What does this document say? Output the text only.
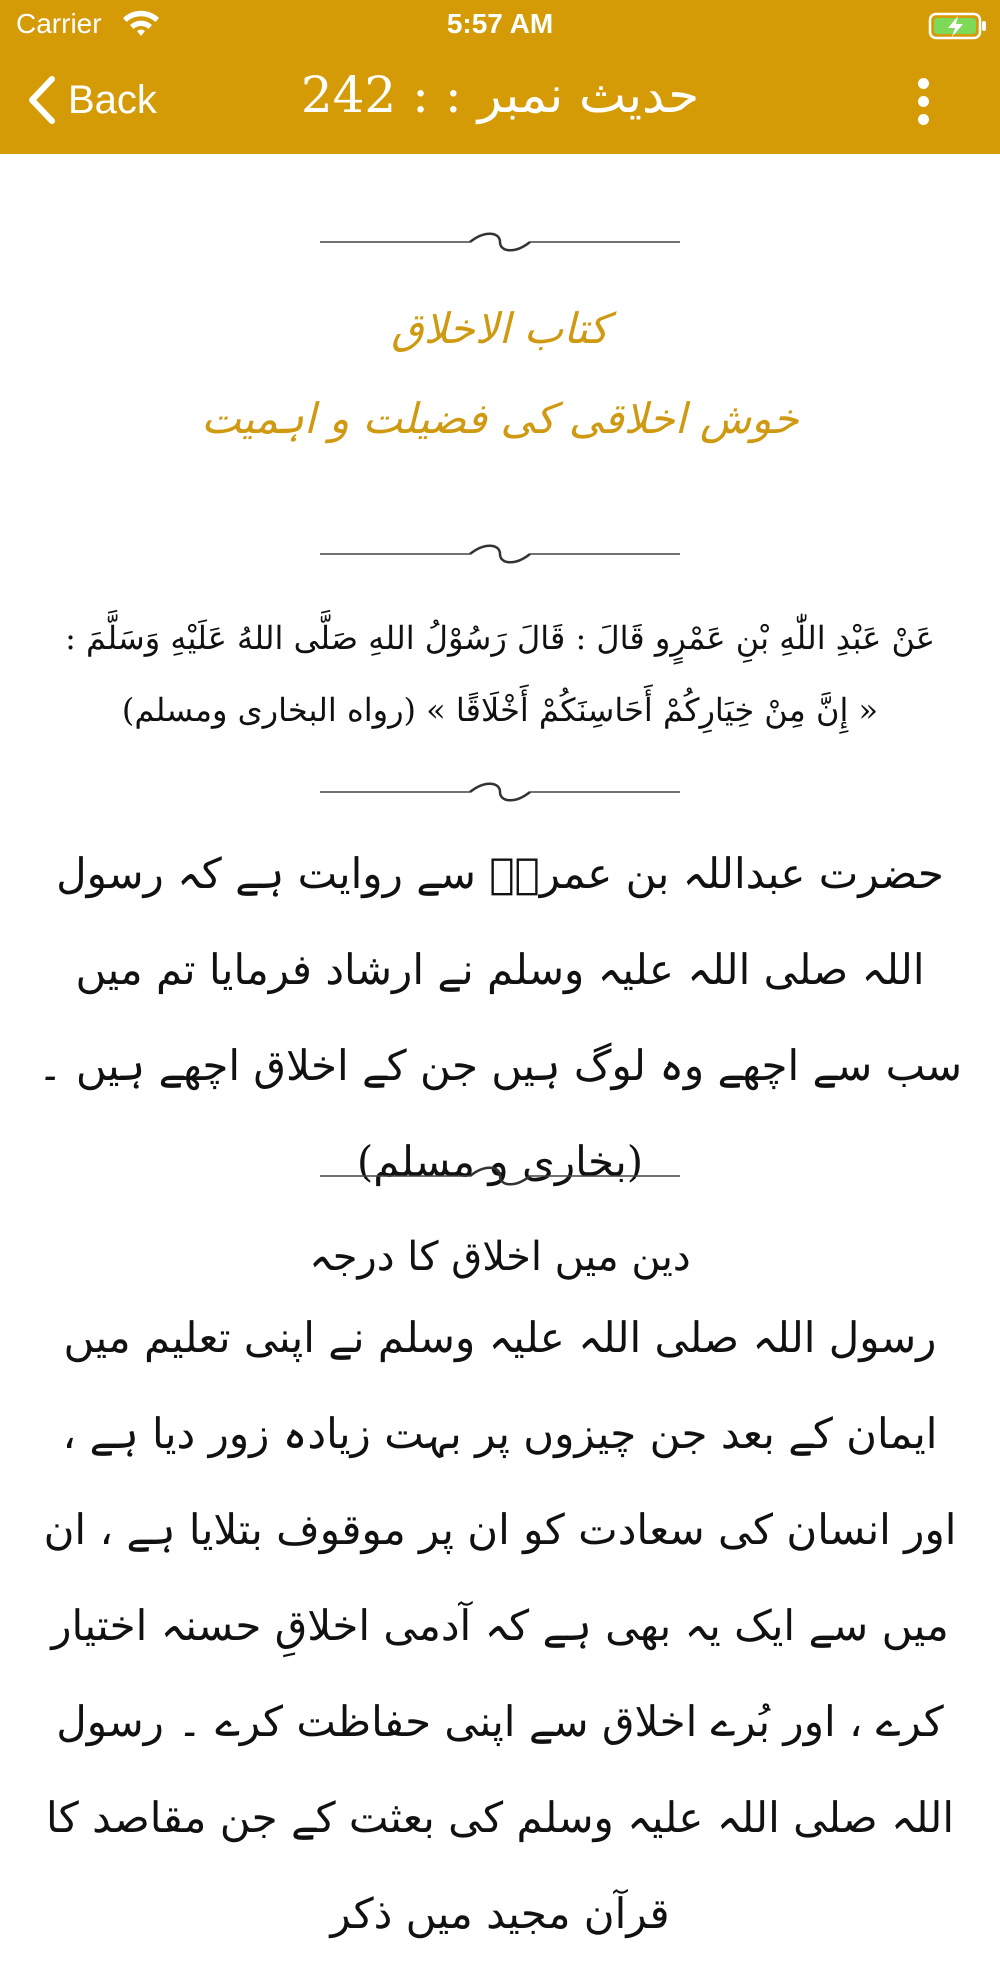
Carrier	5:57 AM
Back	حدیث نمبر : : 242
کتاب الاخلاق
خوش اخلاقی کی فضیلت و اہمیت
عَنْ عَبْدِ اللّٰهِ بْنِ عَمْرٍو قَالَ : قَالَ رَسُوْلُ اللهِ صَلَّى اللهُ عَلَيْهِ وَسَلَّمَ : « إِنَّ مِنْ خِيَارِكُمْ أَحَاسِنَكُمْ أَخْلَاقًا » (رواه البخارى ومسلم)
حضرت عبداللہ بن عمروؓ سے روایت ہے کہ رسول اللہ صلی اللہ علیہ وسلم نے ارشاد فرمایا تم میں سب سے اچھے وہ لوگ ہیں جن کے اخلاق اچھے ہیں ۔ (بخاری و مسلم)
دین میں اخلاق کا درجہ
رسول اللہ صلی اللہ علیہ وسلم نے اپنی تعلیم میں ایمان کے بعد جن چیزوں پر بہت زیادہ زور دیا ہے ، اور انسان کی سعادت کو ان پر موقوف بتلایا ہے ، ان میں سے ایک یہ بھی ہے کہ آدمی اخلاقِ حسنہ اختیار کرے ، اور بُرے اخلاق سے اپنی حفاظت کرے ۔ رسول اللہ صلی اللہ علیہ وسلم کی بعثت کے جن مقاصد کا قرآن مجید میں ذکر
